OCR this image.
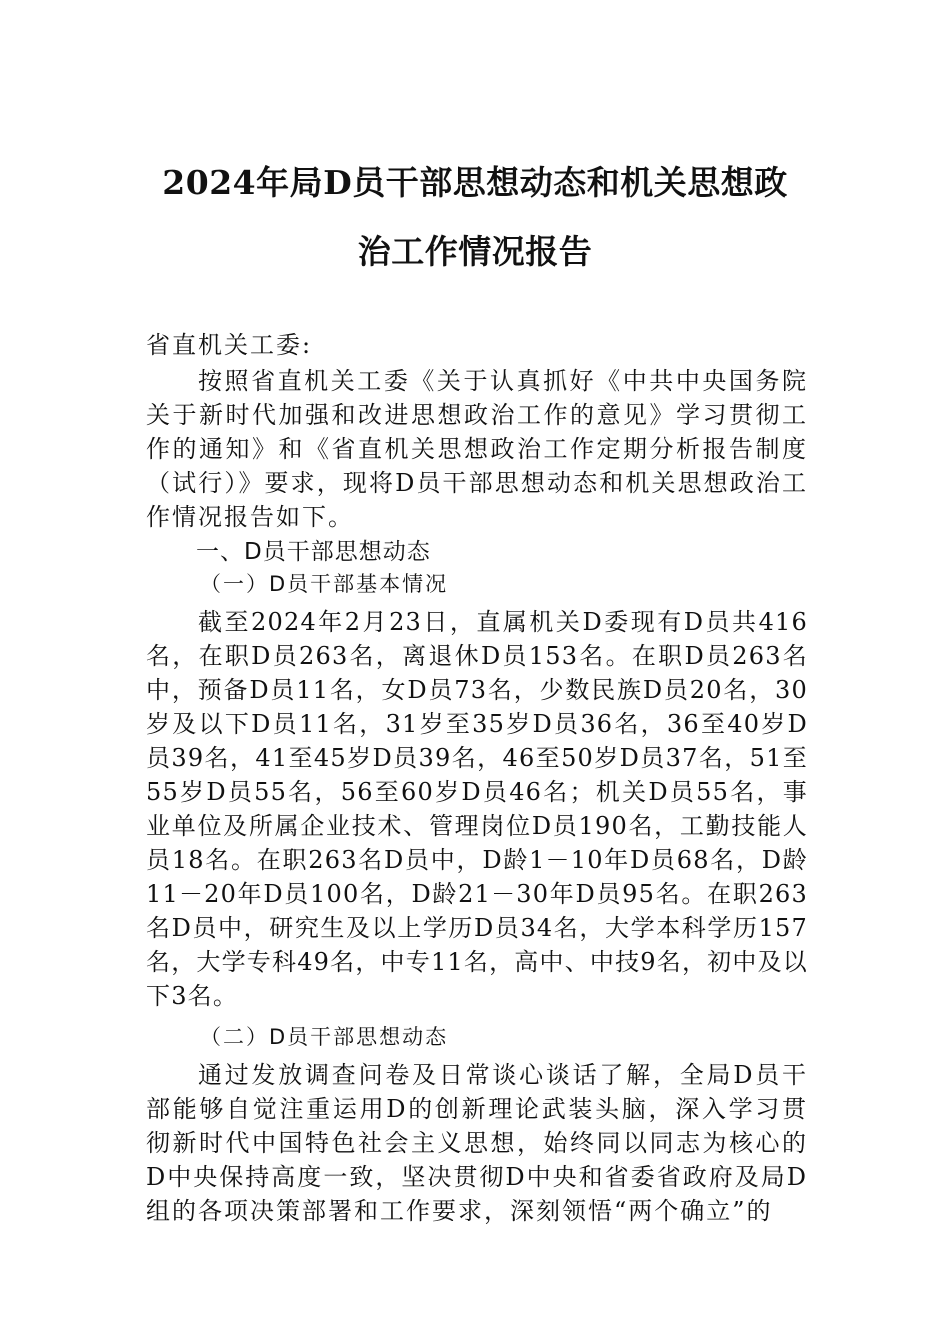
2024年局D员干部思想动态和机关思想政
治工作情况报告
省直机关工委:

按照省直机关工委《关于认真抓好《中共中央国务院关于新时代加强和改进思想政治工作的意见》学习贯彻工作的通知》和《省直机关思想政治工作定期分析报告制度（试行）》要求，现将D员干部思想动态和机关思想政治工作情况报告如下。

一、D员干部思想动态
（一）D员干部基本情况

截至2024年2月23日，直属机关D委现有D员共416名，在职D员263名，离退休D员153名。在职D员263名中，预备D员11名，女D员73名，少数民族D员20名，30岁及以下D员11名，31岁至35岁D员36名，36至40岁D员39名，41至45岁D员39名，46至50岁D员37名，51至55岁D员55名，56至60岁D员46名；机关D员55名，事业单位及所属企业技术、管理岗位D员190名，工勤技能人员18名。在职263名D员中，D龄1－10年D员68名，D龄11－20年D员100名，D龄21－30年D员95名。在职263名D员中，研究生及以上学历D员34名，大学本科学历157名，大学专科49名，中专11名，高中、中技9名，初中及以下3名。

（二）D员干部思想动态

通过发放调查问卷及日常谈心谈话了解，全局D员干部能够自觉注重运用D的创新理论武装头脑，深入学习贯彻新时代中国特色社会主义思想，始终同以同志为核心的D中央保持高度一致，坚决贯彻D中央和省委省政府及局D组的各项决策部署和工作要求，深刻领悟“两个确立”的
